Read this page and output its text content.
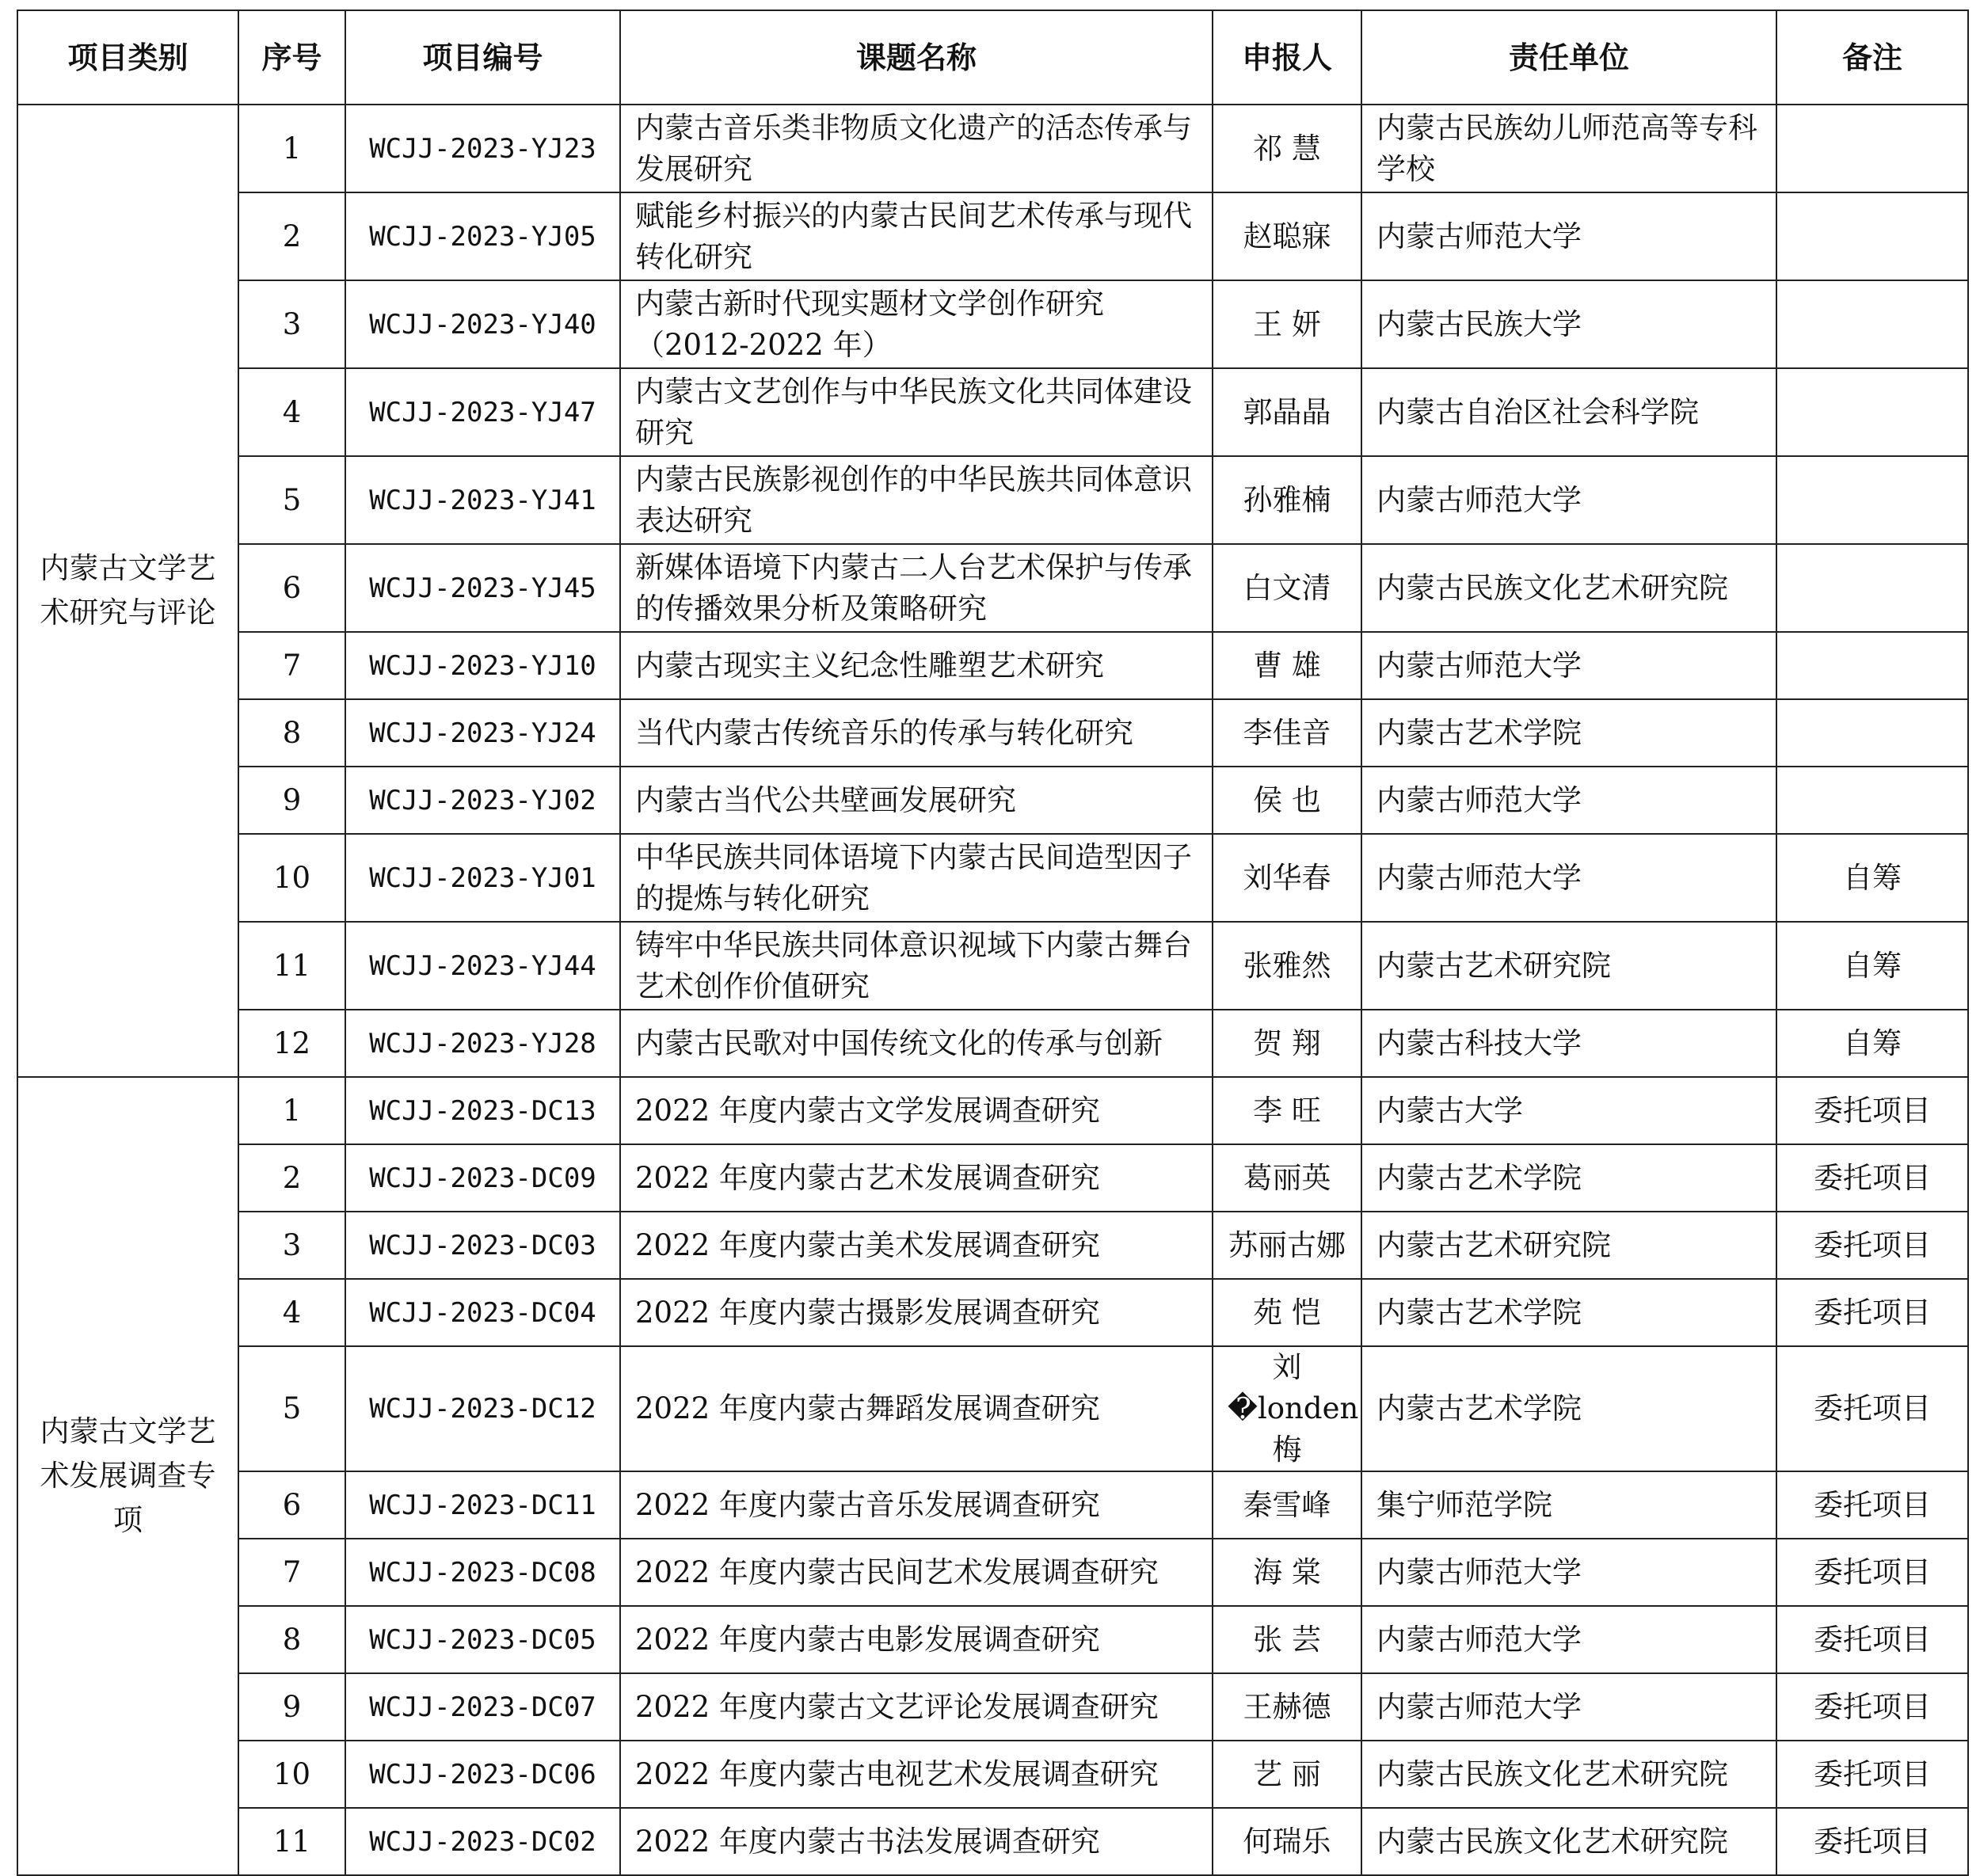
项目类别	序号	项目编号	课题名称	申报人	责任单位	备注
内蒙古文学艺术研究与评论	1	WCJJ-2023-YJ23	内蒙古音乐类非物质文化遗产的活态传承与发展研究	祁 慧	内蒙古民族幼儿师范高等专科学校	
	2	WCJJ-2023-YJ05	赋能乡村振兴的内蒙古民间艺术传承与现代转化研究	赵聪寐	内蒙古师范大学	
	3	WCJJ-2023-YJ40	内蒙古新时代现实题材文学创作研究（2012-2022 年）	王 妍	内蒙古民族大学	
	4	WCJJ-2023-YJ47	内蒙古文艺创作与中华民族文化共同体建设研究	郭晶晶	内蒙古自治区社会科学院	
	5	WCJJ-2023-YJ41	内蒙古民族影视创作的中华民族共同体意识表达研究	孙雅楠	内蒙古师范大学	
	6	WCJJ-2023-YJ45	新媒体语境下内蒙古二人台艺术保护与传承的传播效果分析及策略研究	白文清	内蒙古民族文化艺术研究院	
	7	WCJJ-2023-YJ10	内蒙古现实主义纪念性雕塑艺术研究	曹 雄	内蒙古师范大学	
	8	WCJJ-2023-YJ24	当代内蒙古传统音乐的传承与转化研究	李佳音	内蒙古艺术学院	
	9	WCJJ-2023-YJ02	内蒙古当代公共壁画发展研究	侯 也	内蒙古师范大学	
	10	WCJJ-2023-YJ01	中华民族共同体语境下内蒙古民间造型因子的提炼与转化研究	刘华春	内蒙古师范大学	自筹
	11	WCJJ-2023-YJ44	铸牢中华民族共同体意识视域下内蒙古舞台艺术创作价值研究	张雅然	内蒙古艺术研究院	自筹
	12	WCJJ-2023-YJ28	内蒙古民歌对中国传统文化的传承与创新	贺 翔	内蒙古科技大学	自筹
内蒙古文学艺术发展调查专项	1	WCJJ-2023-DC13	2022 年度内蒙古文学发展调查研究	李 旺	内蒙古大学	委托项目
	2	WCJJ-2023-DC09	2022 年度内蒙古艺术发展调查研究	葛丽英	内蒙古艺术学院	委托项目
	3	WCJJ-2023-DC03	2022 年度内蒙古美术发展调查研究	苏丽古娜	内蒙古艺术研究院	委托项目
	4	WCJJ-2023-DC04	2022 年度内蒙古摄影发展调查研究	苑 恺	内蒙古艺术学院	委托项目
	5	WCJJ-2023-DC12	2022 年度内蒙古舞蹈发展调查研究	刘�londen梅	内蒙古艺术学院	委托项目
	6	WCJJ-2023-DC11	2022 年度内蒙古音乐发展调查研究	秦雪峰	集宁师范学院	委托项目
	7	WCJJ-2023-DC08	2022 年度内蒙古民间艺术发展调查研究	海 棠	内蒙古师范大学	委托项目
	8	WCJJ-2023-DC05	2022 年度内蒙古电影发展调查研究	张 芸	内蒙古师范大学	委托项目
	9	WCJJ-2023-DC07	2022 年度内蒙古文艺评论发展调查研究	王赫德	内蒙古师范大学	委托项目
	10	WCJJ-2023-DC06	2022 年度内蒙古电视艺术发展调查研究	艺 丽	内蒙古民族文化艺术研究院	委托项目
	11	WCJJ-2023-DC02	2022 年度内蒙古书法发展调查研究	何瑞乐	内蒙古民族文化艺术研究院	委托项目
